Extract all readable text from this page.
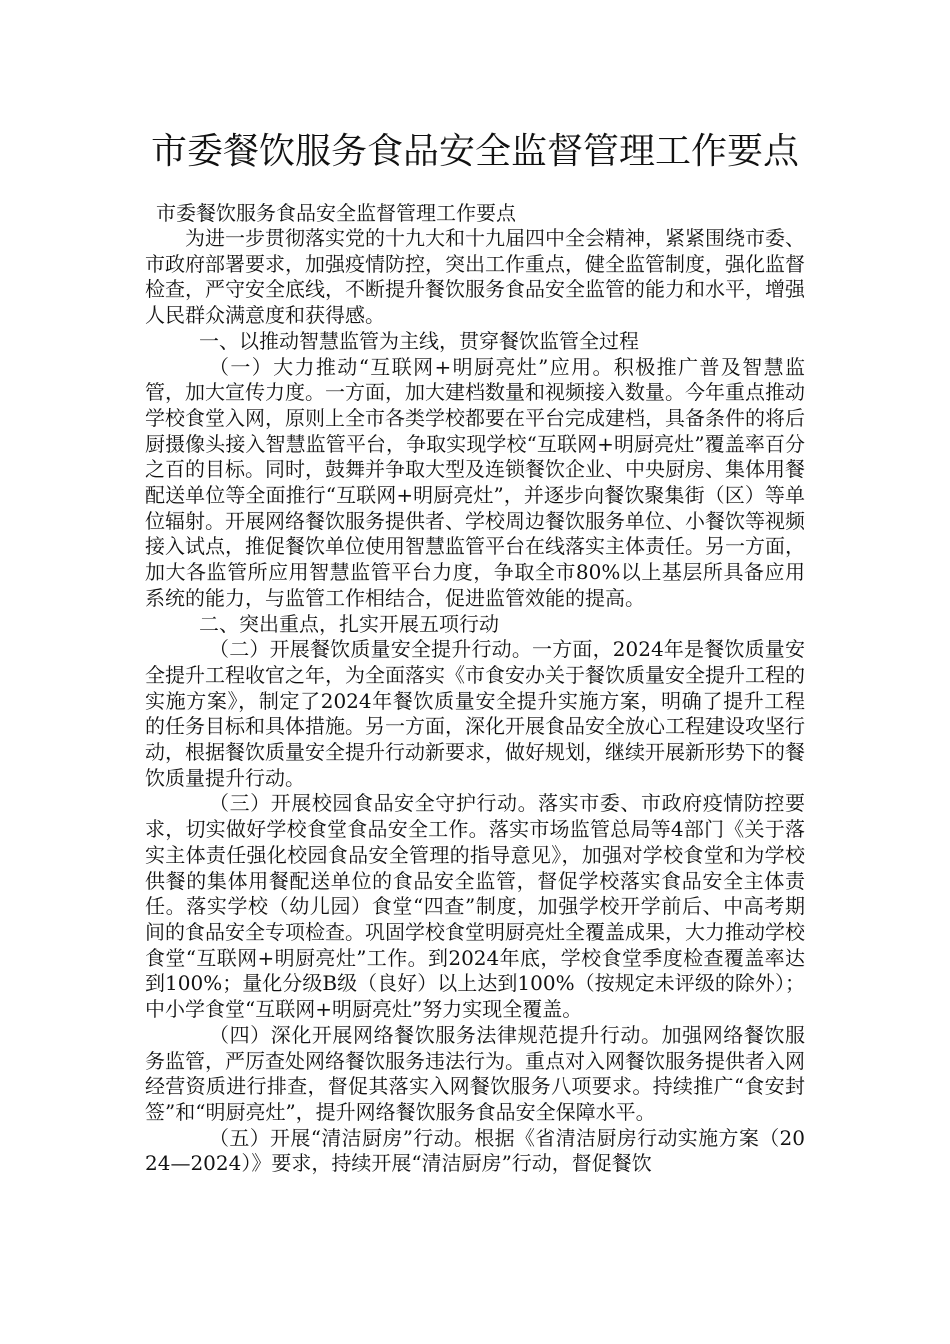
市委餐饮服务食品安全监督管理工作要点
市委餐饮服务食品安全监督管理工作要点

为进一步贯彻落实党的十九大和十九届四中全会精神，紧紧围绕市委、市政府部署要求，加强疫情防控，突出工作重点，健全监管制度，强化监督检查，严守安全底线，不断提升餐饮服务食品安全监管的能力和水平，增强人民群众满意度和获得感。

一、以推动智慧监管为主线，贯穿餐饮监管全过程

（一）大力推动“互联网+明厨亮灶”应用。积极推广普及智慧监管，加大宣传力度。一方面，加大建档数量和视频接入数量。今年重点推动学校食堂入网，原则上全市各类学校都要在平台完成建档，具备条件的将后厨摄像头接入智慧监管平台，争取实现学校“互联网+明厨亮灶”覆盖率百分之百的目标。同时，鼓舞并争取大型及连锁餐饮企业、中央厨房、集体用餐配送单位等全面推行“互联网+明厨亮灶”，并逐步向餐饮聚集街（区）等单位辐射。开展网络餐饮服务提供者、学校周边餐饮服务单位、小餐饮等视频接入试点，推促餐饮单位使用智慧监管平台在线落实主体责任。另一方面，加大各监管所应用智慧监管平台力度，争取全市80%以上基层所具备应用系统的能力，与监管工作相结合，促进监管效能的提高。

二、突出重点，扎实开展五项行动

（二）开展餐饮质量安全提升行动。一方面，2024年是餐饮质量安全提升工程收官之年，为全面落实《市食安办关于餐饮质量安全提升工程的实施方案》，制定了2024年餐饮质量安全提升实施方案，明确了提升工程的任务目标和具体措施。另一方面，深化开展食品安全放心工程建设攻坚行动，根据餐饮质量安全提升行动新要求，做好规划，继续开展新形势下的餐饮质量提升行动。

（三）开展校园食品安全守护行动。落实市委、市政府疫情防控要求，切实做好学校食堂食品安全工作。落实市场监管总局等4部门《关于落实主体责任强化校园食品安全管理的指导意见》，加强对学校食堂和为学校供餐的集体用餐配送单位的食品安全监管，督促学校落实食品安全主体责任。落实学校（幼儿园）食堂“四查”制度，加强学校开学前后、中高考期间的食品安全专项检查。巩固学校食堂明厨亮灶全覆盖成果，大力推动学校食堂“互联网+明厨亮灶”工作。到2024年底，学校食堂季度检查覆盖率达到100%；量化分级B级（良好）以上达到100%（按规定未评级的除外）；中小学食堂“互联网+明厨亮灶”努力实现全覆盖。

（四）深化开展网络餐饮服务法律规范提升行动。加强网络餐饮服务监管，严厉查处网络餐饮服务违法行为。重点对入网餐饮服务提供者入网经营资质进行排查，督促其落实入网餐饮服务八项要求。持续推广“食安封签”和“明厨亮灶”，提升网络餐饮服务食品安全保障水平。

（五）开展“清洁厨房”行动。根据《省清洁厨房行动实施方案（2024—2024）》要求，持续开展“清洁厨房”行动，督促餐饮
